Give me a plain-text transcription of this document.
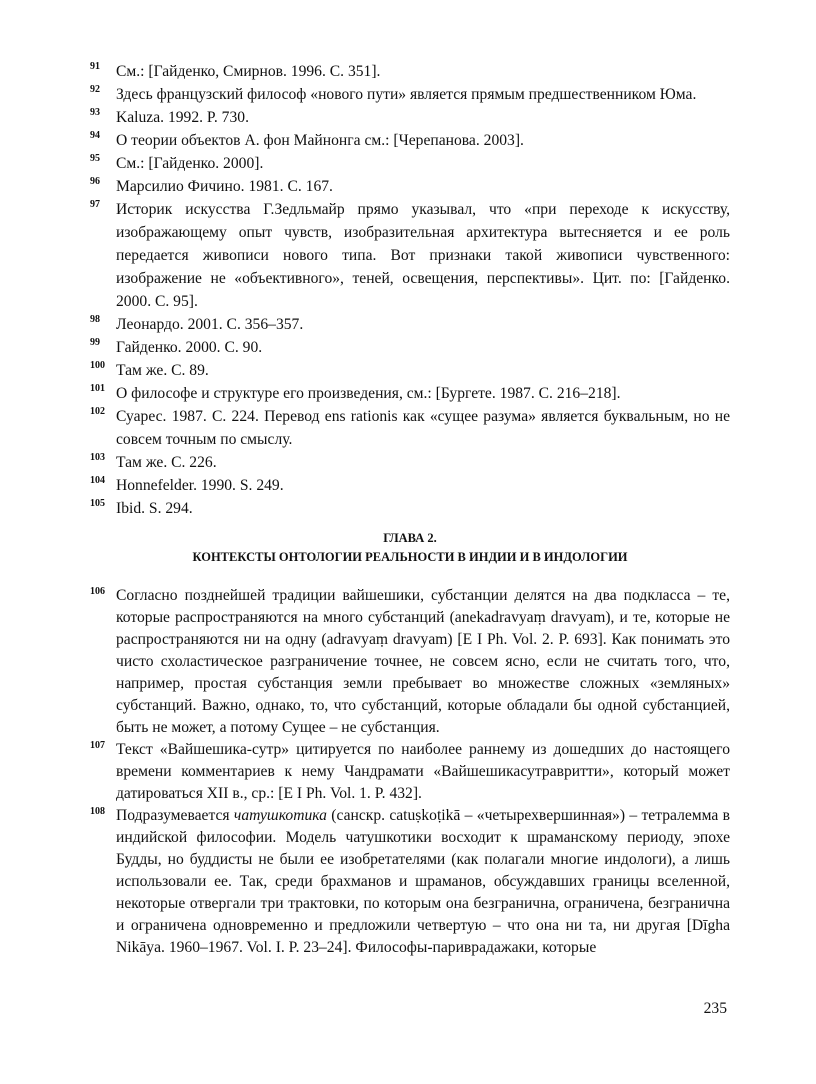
91 См.: [Гайденко, Смирнов. 1996. С. 351].
92 Здесь французский философ «нового пути» является прямым предшественником Юма.
93 Kaluza. 1992. P. 730.
94 О теории объектов А. фон Майнонга см.: [Черепанова. 2003].
95 См.: [Гайденко. 2000].
96 Марсилио Фичино. 1981. С. 167.
97 Историк искусства Г.Зедльмайр прямо указывал, что «при переходе к искусству, изображающему опыт чувств, изобразительная архитектура вытесняется и ее роль передается живописи нового типа. Вот признаки такой живописи чувственного: изображение не «объективного», теней, освещения, перспективы». Цит. по: [Гайденко. 2000. С. 95].
98 Леонардо. 2001. С. 356–357.
99 Гайденко. 2000. С. 90.
100 Там же. С. 89.
101 О философе и структуре его произведения, см.: [Бургете. 1987. С. 216–218].
102 Суарес. 1987. С. 224. Перевод ens rationis как «сущее разума» является буквальным, но не совсем точным по смыслу.
103 Там же. С. 226.
104 Honnefelder. 1990. S. 249.
105 Ibid. S. 294.
ГЛАВА 2.
КОНТЕКСТЫ ОНТОЛОГИИ РЕАЛЬНОСТИ В ИНДИИ И В ИНДОЛОГИИ
106 Согласно позднейшей традиции вайшешики, субстанции делятся на два подкласса – те, которые распространяются на много субстанций (anekadravyaṃ dravyam), и те, которые не распространяются ни на одну (adravyaṃ dravyam) [E I Ph. Vol. 2. P. 693]. Как понимать это чисто схоластическое разграничение точнее, не совсем ясно, если не считать того, что, например, простая субстанция земли пребывает во множестве сложных «земляных» субстанций. Важно, однако, то, что субстанций, которые обладали бы одной субстанцией, быть не может, а потому Сущее – не субстанция.
107 Текст «Вайшешика-сутр» цитируется по наиболее раннему из дошедших до настоящего времени комментариев к нему Чандрамати «Вайшешикасутравритти», который может датироваться XII в., ср.: [E I Ph. Vol. 1. P. 432].
108 Подразумевается чатушкотика (санскр. catuṣkoṭikā – «четырехвершинная») – тетралемма в индийской философии. Модель чатушкотики восходит к шраманскому периоду, эпохе Будды, но буддисты не были ее изобретателями (как полагали многие индологи), а лишь использовали ее. Так, среди брахманов и шраманов, обсуждавших границы вселенной, некоторые отвергали три трактовки, по которым она безгранична, ограничена, безгранична и ограничена одновременно и предложили четвертую – что она ни та, ни другая [Dīgha Nikāya. 1960–1967. Vol. I. P. 23–24]. Философы-париврадажаки, которые
235
